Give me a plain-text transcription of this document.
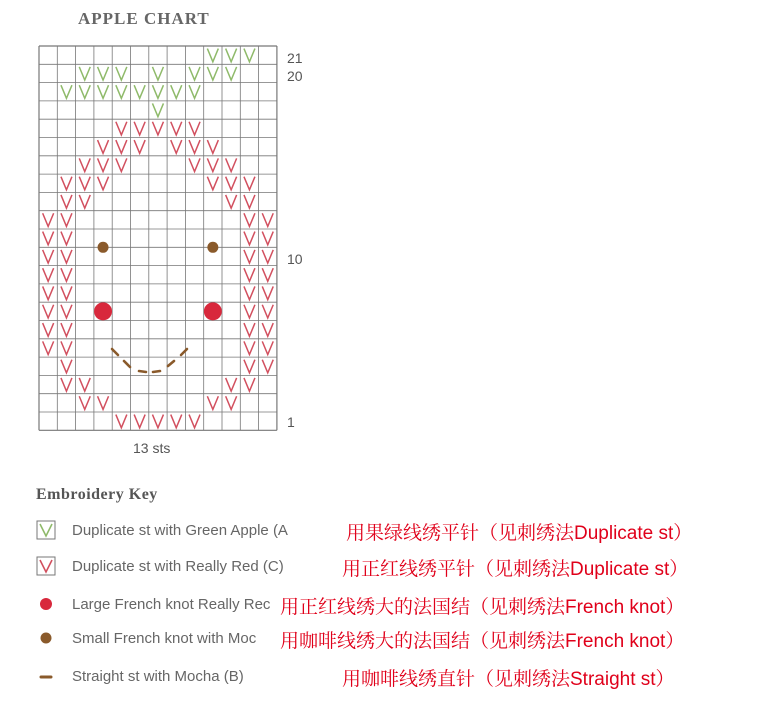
APPLE CHART
21
20
10
1
13 sts
Embroidery Key
Duplicate st with Green Apple (A	用果绿线绣平针（见刺绣法Duplicate st）
Duplicate st with Really Red (C)	用正红线绣平针（见刺绣法Duplicate st）
Large French knot Really Rec 用正红线绣大的法国结（见刺绣法French knot）
Small French knot with Moc 用咖啡线绣大的法国结（见刺绣法French knot）
Straight st with Mocha (B)	用咖啡线绣直针（见刺绣法Straight st）
